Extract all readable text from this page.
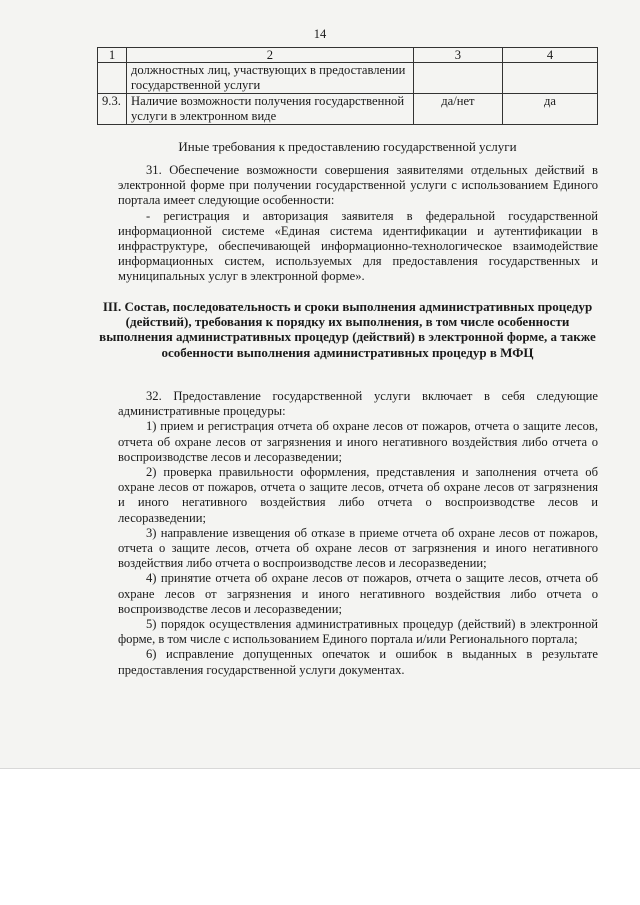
14
1	2	3	4
	должностных лиц, участвующих в предоставлении государственной услуги		
9.3.	Наличие возможности получения государственной услуги в электронном виде	да/нет	да
Иные требования к предоставлению государственной услуги

31. Обеспечение возможности совершения заявителями отдельных действий в электронной форме при получении государственной услуги с использованием Единого портала имеет следующие особенности:

- регистрация и авторизация заявителя в федеральной государственной информационной системе «Единая система идентификации и аутентификации в инфраструктуре, обеспечивающей информационно-технологическое взаимодействие информационных систем, используемых для предоставления государственных и муниципальных услуг в электронной форме».

III. Состав, последовательность и сроки выполнения административных процедур (действий), требования к порядку их выполнения, в том числе особенности выполнения административных процедур (действий) в электронной форме, а также особенности выполнения административных процедур в МФЦ

32. Предоставление государственной услуги включает в себя следующие административные процедуры:

1) прием и регистрация отчета об охране лесов от пожаров, отчета о защите лесов, отчета об охране лесов от загрязнения и иного негативного воздействия либо отчета о воспроизводстве лесов и лесоразведении;

2) проверка правильности оформления, представления и заполнения отчета об охране лесов от пожаров, отчета о защите лесов, отчета об охране лесов от загрязнения и иного негативного воздействия либо отчета о воспроизводстве лесов и лесоразведении;

3) направление извещения об отказе в приеме отчета об охране лесов от пожаров, отчета о защите лесов, отчета об охране лесов от загрязнения и иного негативного воздействия либо отчета о воспроизводстве лесов и лесоразведении;

4) принятие отчета об охране лесов от пожаров, отчета о защите лесов, отчета об охране лесов от загрязнения и иного негативного воздействия либо отчета о воспроизводстве лесов и лесоразведении;

5) порядок осуществления административных процедур (действий) в электронной форме, в том числе с использованием Единого портала и/или Регионального портала;

6) исправление допущенных опечаток и ошибок в выданных в результате предоставления государственной услуги документах.
